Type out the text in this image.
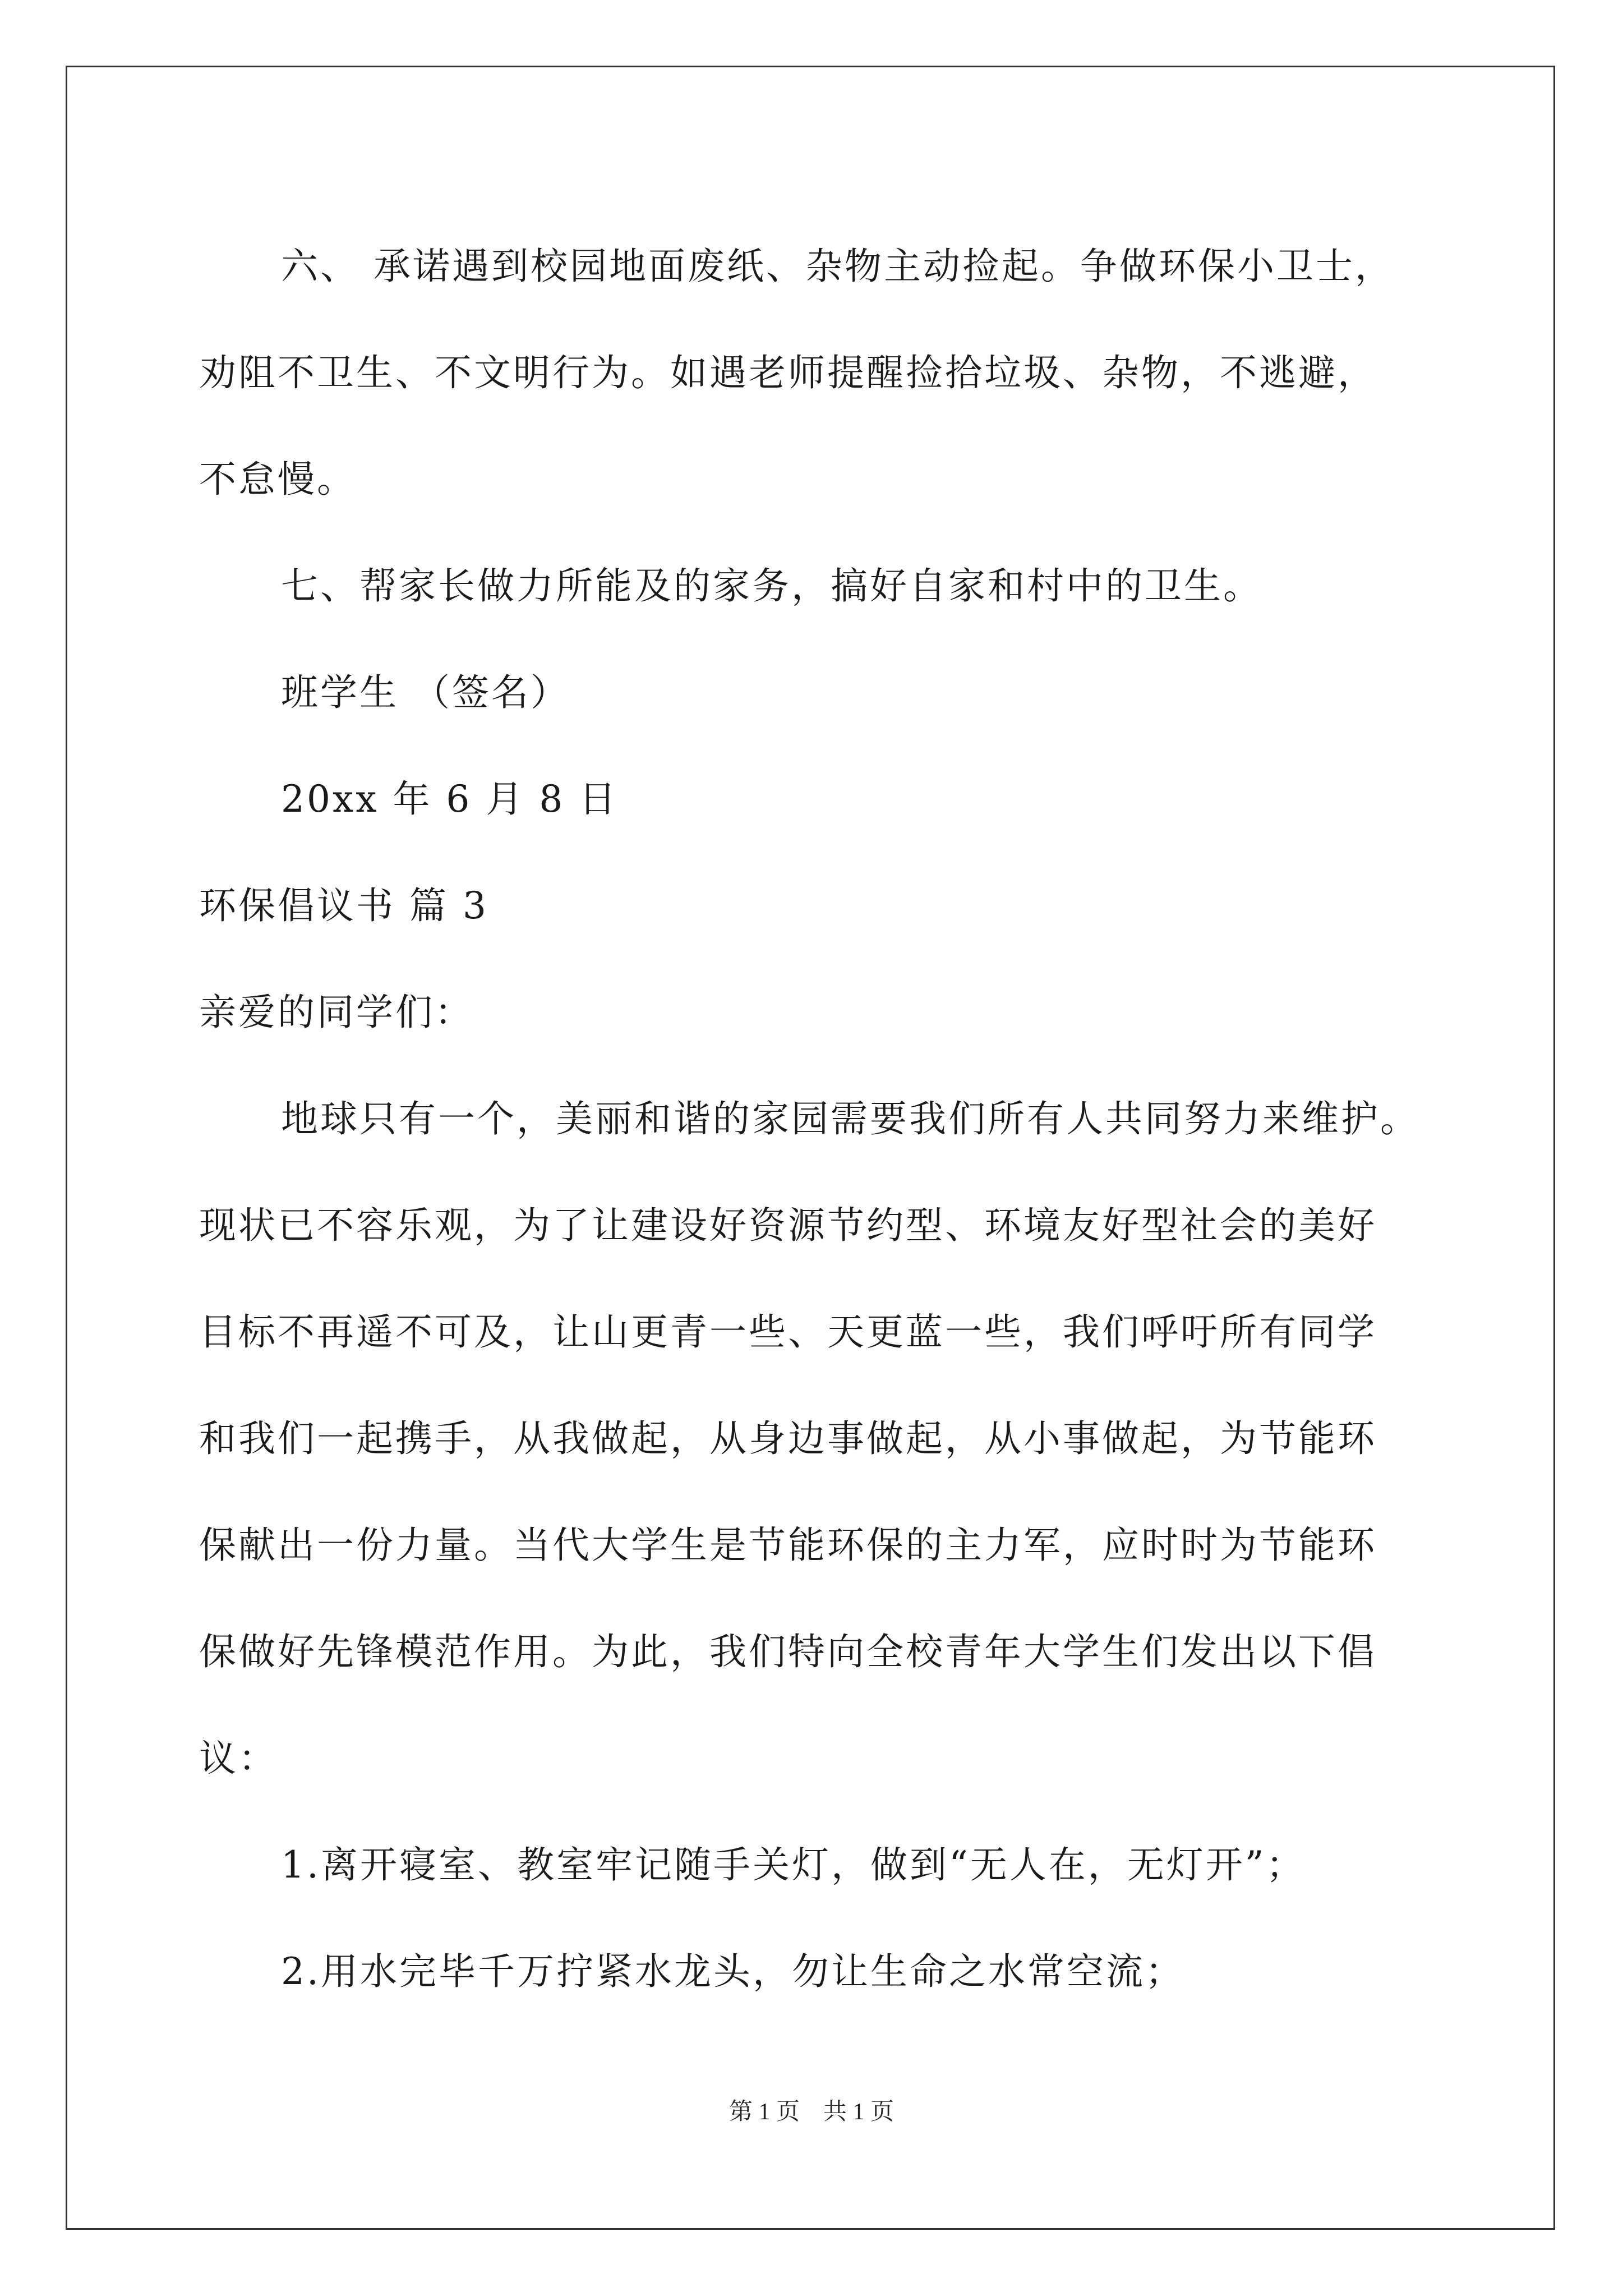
六、 承诺遇到校园地面废纸、杂物主动捡起。争做环保小卫士，
劝阻不卫生、不文明行为。如遇老师提醒捡拾垃圾、杂物，不逃避，
不怠慢。
七、帮家长做力所能及的家务，搞好自家和村中的卫生。
班学生 （签名）
20xx 年 6 月 8 日
环保倡议书 篇 3
亲爱的同学们：
地球只有一个，美丽和谐的家园需要我们所有人共同努力来维护。
现状已不容乐观，为了让建设好资源节约型、环境友好型社会的美好
目标不再遥不可及，让山更青一些、天更蓝一些，我们呼吁所有同学
和我们一起携手，从我做起，从身边事做起，从小事做起，为节能环
保献出一份力量。当代大学生是节能环保的主力军，应时时为节能环
保做好先锋模范作用。为此，我们特向全校青年大学生们发出以下倡
议：
1.离开寝室、教室牢记随手关灯，做到“无人在，无灯开”；
2.用水完毕千万拧紧水龙头，勿让生命之水常空流；
第 1 页　共 1 页
